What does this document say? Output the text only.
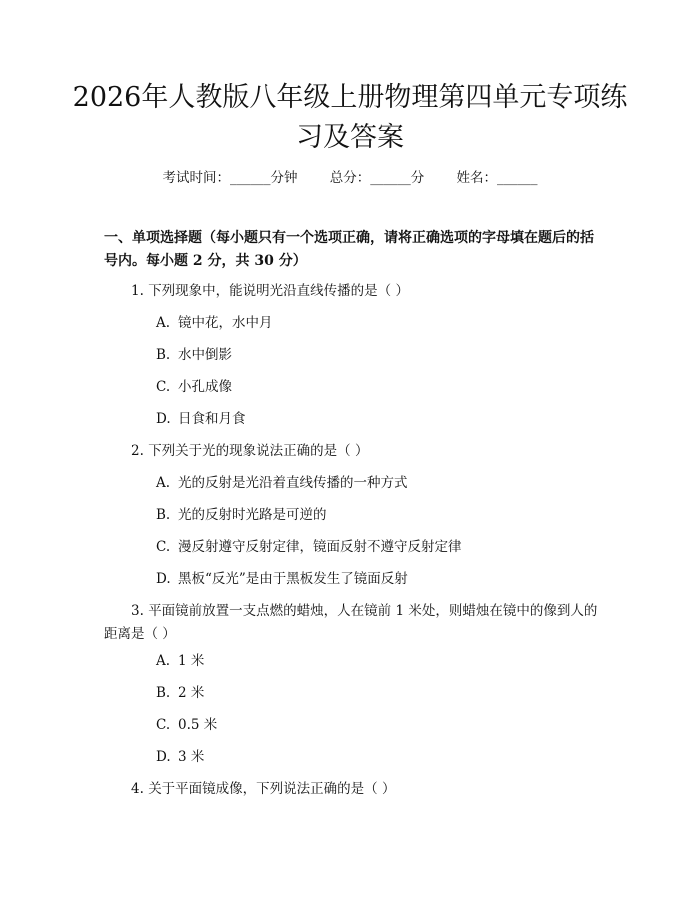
2026年人教版八年级上册物理第四单元专项练习及答案
考试时间：______分钟 总分：______分 姓名：______

一、单项选择题（每小题只有一个选项正确，请将正确选项的字母填在题后的括号内。每小题 2 分，共 30 分）

1. 下列现象中，能说明光沿直线传播的是（ ）
A. 镜中花，水中月
B. 水中倒影
C. 小孔成像
D. 日食和月食
2. 下列关于光的现象说法正确的是（ ）
A. 光的反射是光沿着直线传播的一种方式
B. 光的反射时光路是可逆的
C. 漫反射遵守反射定律，镜面反射不遵守反射定律
D. 黑板“反光”是由于黑板发生了镜面反射
3. 平面镜前放置一支点燃的蜡烛，人在镜前 1 米处，则蜡烛在镜中的像到人的距离是（ ）
A. 1 米
B. 2 米
C. 0.5 米
D. 3 米
4. 关于平面镜成像，下列说法正确的是（ ）
